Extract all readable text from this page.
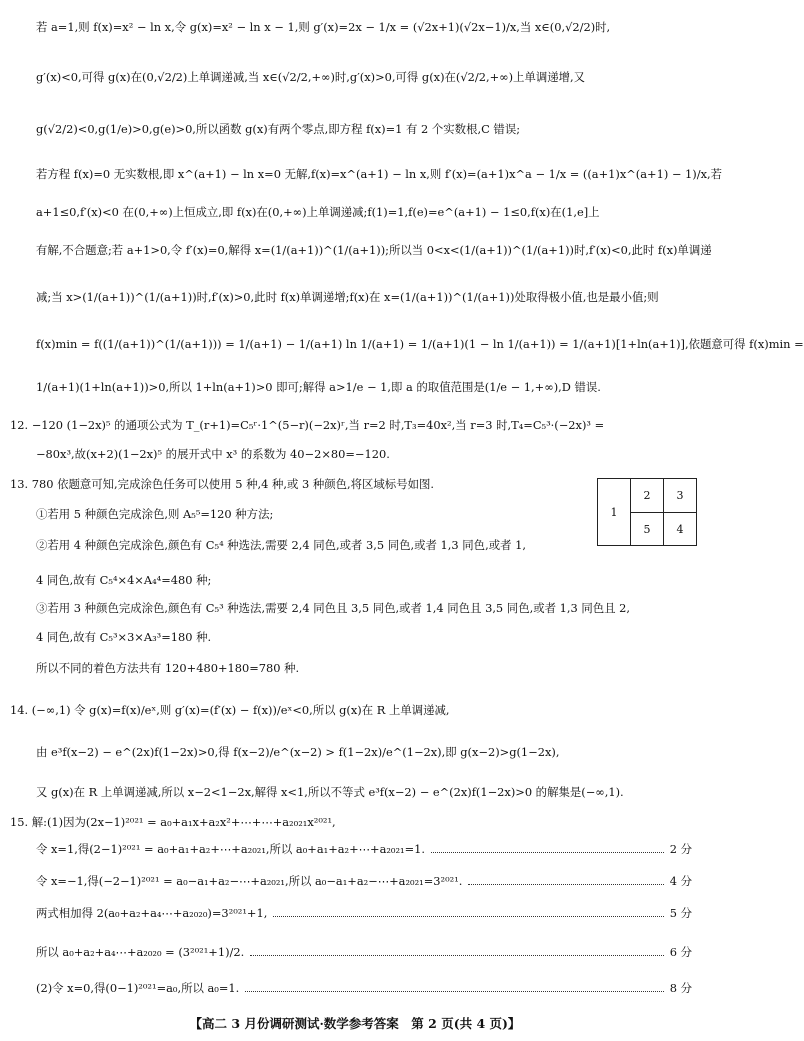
若 a=1,则 f(x)=x² − ln x,令 g(x)=x² − ln x − 1,则 g′(x)=2x − 1/x = (√2x+1)(√2x−1)/x,当 x∈(0,√2/2)时,
g′(x)<0,可得 g(x)在(0,√2/2)上单调递减,当 x∈(√2/2,+∞)时,g′(x)>0,可得 g(x)在(√2/2,+∞)上单调递增,又
g(√2/2)<0,g(1/e)>0,g(e)>0,所以函数 g(x)有两个零点,即方程 f(x)=1 有 2 个实数根,C 错误;
若方程 f(x)=0 无实数根,即 x^(a+1) − ln x=0 无解,f(x)=x^(a+1) − ln x,则 f′(x)=(a+1)x^a − 1/x = ((a+1)x^(a+1) − 1)/x,若
a+1≤0,f′(x)<0 在(0,+∞)上恒成立,即 f(x)在(0,+∞)上单调递减;f(1)=1,f(e)=e^(a+1) − 1≤0,f(x)在(1,e]上
有解,不合题意;若 a+1>0,令 f′(x)=0,解得 x=(1/(a+1))^(1/(a+1));所以当 0<x<(1/(a+1))^(1/(a+1))时,f′(x)<0,此时 f(x)单调递
减;当 x>(1/(a+1))^(1/(a+1))时,f′(x)>0,此时 f(x)单调递增;f(x)在 x=(1/(a+1))^(1/(a+1))处取得极小值,也是最小值;则
f(x)min = f((1/(a+1))^(1/(a+1))) = 1/(a+1) − 1/(a+1) ln 1/(a+1) = 1/(a+1)(1 − ln 1/(a+1)) = 1/(a+1)[1+ln(a+1)],依题意可得 f(x)min =
1/(a+1)(1+ln(a+1))>0,所以 1+ln(a+1)>0 即可;解得 a>1/e − 1,即 a 的取值范围是(1/e − 1,+∞),D 错误.
12. −120 (1−2x)⁵ 的通项公式为 T_(r+1)=C₅ʳ·1^(5−r)(−2x)ʳ,当 r=2 时,T₃=40x²,当 r=3 时,T₄=C₅³·(−2x)³ =
−80x³,故(x+2)(1−2x)⁵ 的展开式中 x³ 的系数为 40−2×80=−120.
13. 780 依题意可知,完成涂色任务可以使用 5 种,4 种,或 3 种颜色,将区域标号如图.
①若用 5 种颜色完成涂色,则 A₅⁵=120 种方法;
②若用 4 种颜色完成涂色,颜色有 C₅⁴ 种选法,需要 2,4 同色,或者 3,5 同色,或者 1,3 同色,或者 1,
4 同色,故有 C₅⁴×4×A₄⁴=480 种;
③若用 3 种颜色完成涂色,颜色有 C₅³ 种选法,需要 2,4 同色且 3,5 同色,或者 1,4 同色且 3,5 同色,或者 1,3 同色且 2,
4 同色,故有 C₅³×3×A₃³=180 种.
所以不同的着色方法共有 120+480+180=780 种.
1
2	3
5	4
14. (−∞,1) 令 g(x)=f(x)/eˣ,则 g′(x)=(f′(x) − f(x))/eˣ<0,所以 g(x)在 R 上单调递减,
由 e³f(x−2) − e^(2x)f(1−2x)>0,得 f(x−2)/e^(x−2) > f(1−2x)/e^(1−2x),即 g(x−2)>g(1−2x),
又 g(x)在 R 上单调递减,所以 x−2<1−2x,解得 x<1,所以不等式 e³f(x−2) − e^(2x)f(1−2x)>0 的解集是(−∞,1).
15. 解:(1)因为(2x−1)²⁰²¹ = a₀+a₁x+a₂x²+⋯+⋯+a₂₀₂₁x²⁰²¹,
令 x=1,得(2−1)²⁰²¹ = a₀+a₁+a₂+⋯+a₂₀₂₁,所以 a₀+a₁+a₂+⋯+a₂₀₂₁=1.	2 分
令 x=−1,得(−2−1)²⁰²¹ = a₀−a₁+a₂−⋯+a₂₀₂₁,所以 a₀−a₁+a₂−⋯+a₂₀₂₁=3²⁰²¹.	4 分
两式相加得 2(a₀+a₂+a₄⋯+a₂₀₂₀)=3²⁰²¹+1,	5 分
所以 a₀+a₂+a₄⋯+a₂₀₂₀ = (3²⁰²¹+1)/2.	6 分
(2)令 x=0,得(0−1)²⁰²¹=a₀,所以 a₀=1.	8 分
【高二 3 月份调研测试·数学参考答案　第 2 页(共 4 页)】
